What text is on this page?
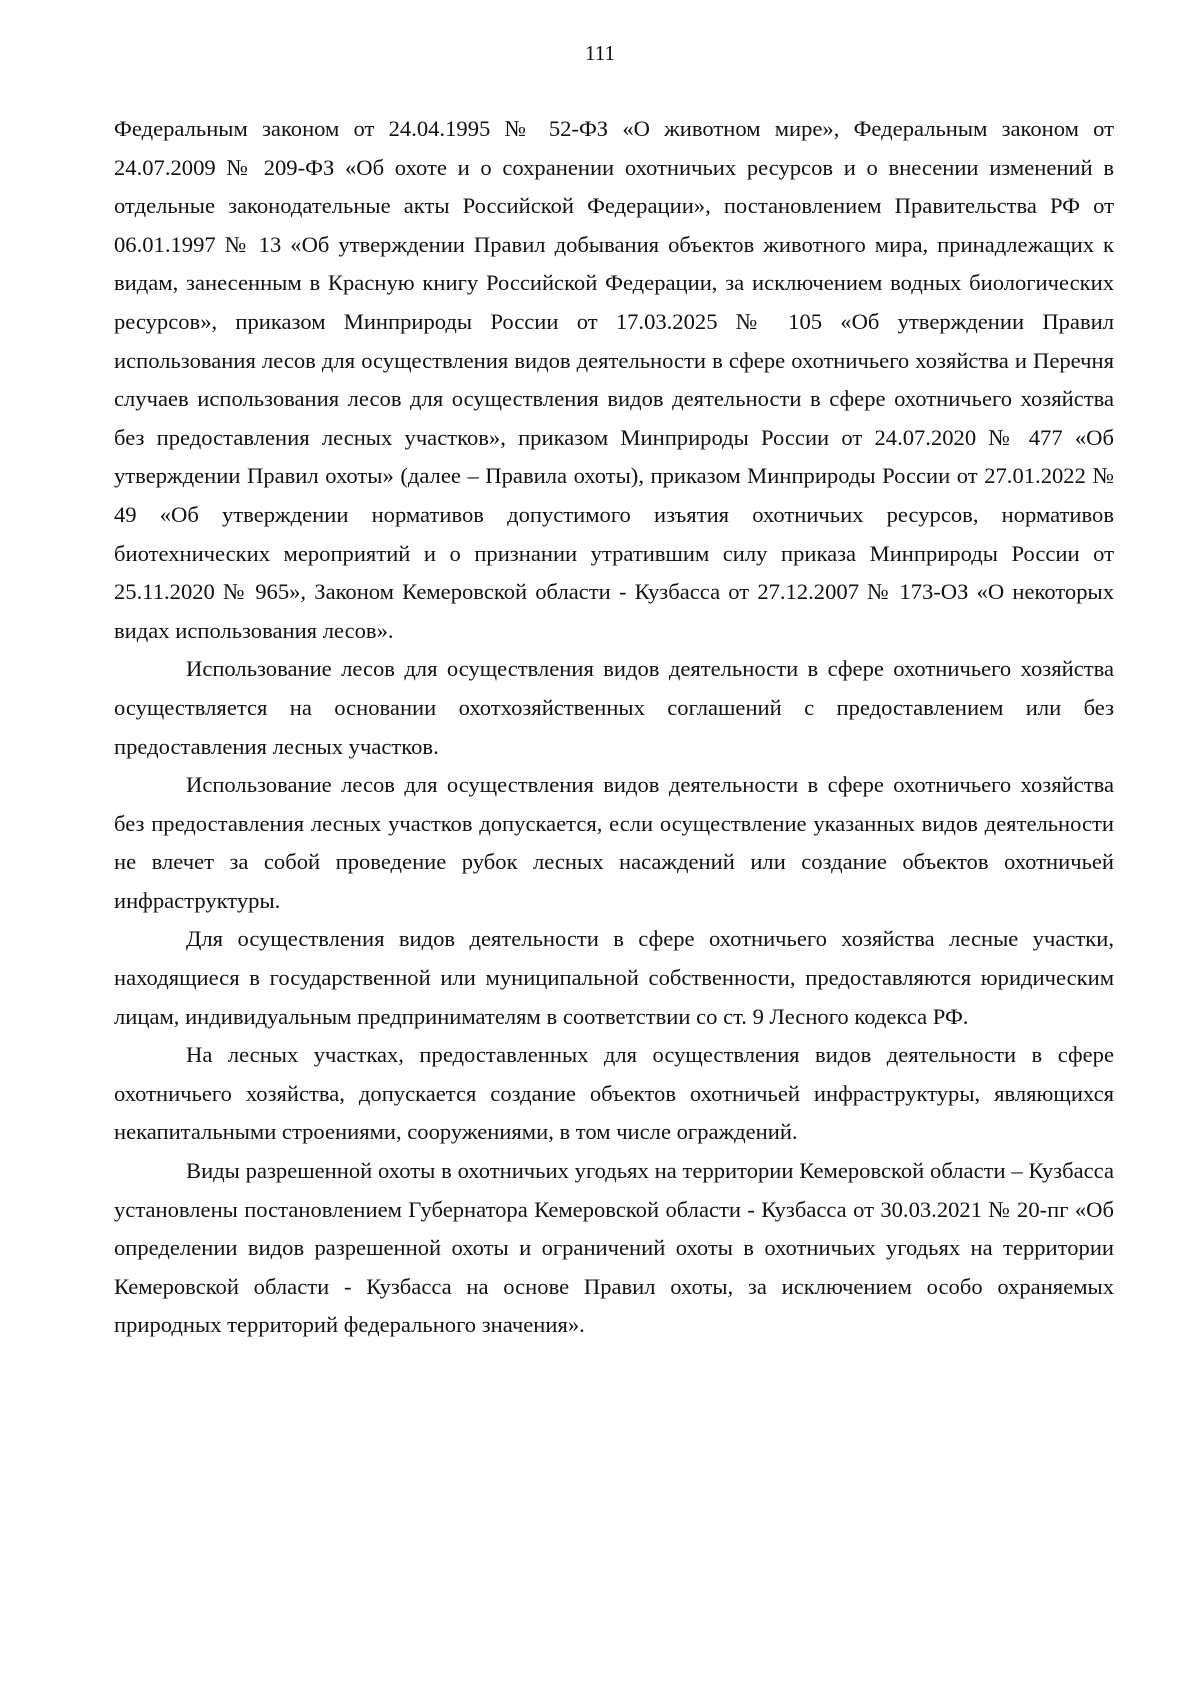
111

Федеральным законом от 24.04.1995 № 52-ФЗ «О животном мире», Федеральным законом от 24.07.2009 № 209-ФЗ «Об охоте и о сохранении охотничьих ресурсов и о внесении изменений в отдельные законодательные акты Российской Федерации», постановлением Правительства РФ от 06.01.1997 № 13 «Об утверждении Правил добывания объектов животного мира, принадлежащих к видам, занесенным в Красную книгу Российской Федерации, за исключением водных биологических ресурсов», приказом Минприроды России от 17.03.2025 № 105 «Об утверждении Правил использования лесов для осуществления видов деятельности в сфере охотничьего хозяйства и Перечня случаев использования лесов для осуществления видов деятельности в сфере охотничьего хозяйства без предоставления лесных участков», приказом Минприроды России от 24.07.2020 № 477 «Об утверждении Правил охоты» (далее – Правила охоты), приказом Минприроды России от 27.01.2022 № 49 «Об утверждении нормативов допустимого изъятия охотничьих ресурсов, нормативов биотехнических мероприятий и о признании утратившим силу приказа Минприроды России от 25.11.2020 № 965», Законом Кемеровской области - Кузбасса от 27.12.2007 № 173-ОЗ «О некоторых видах использования лесов».

Использование лесов для осуществления видов деятельности в сфере охотничьего хозяйства осуществляется на основании охотхозяйственных соглашений с предоставлением или без предоставления лесных участков.

Использование лесов для осуществления видов деятельности в сфере охотничьего хозяйства без предоставления лесных участков допускается, если осуществление указанных видов деятельности не влечет за собой проведение рубок лесных насаждений или создание объектов охотничьей инфраструктуры.

Для осуществления видов деятельности в сфере охотничьего хозяйства лесные участки, находящиеся в государственной или муниципальной собственности, предоставляются юридическим лицам, индивидуальным предпринимателям в соответствии со ст. 9 Лесного кодекса РФ.

На лесных участках, предоставленных для осуществления видов деятельности в сфере охотничьего хозяйства, допускается создание объектов охотничьей инфраструктуры, являющихся некапитальными строениями, сооружениями, в том числе ограждений.

Виды разрешенной охоты в охотничьих угодьях на территории Кемеровской области – Кузбасса установлены постановлением Губернатора Кемеровской области - Кузбасса от 30.03.2021 № 20-пг «Об определении видов разрешенной охоты и ограничений охоты в охотничьих угодьях на территории Кемеровской области - Кузбасса на основе Правил охоты, за исключением особо охраняемых природных территорий федерального значения».
